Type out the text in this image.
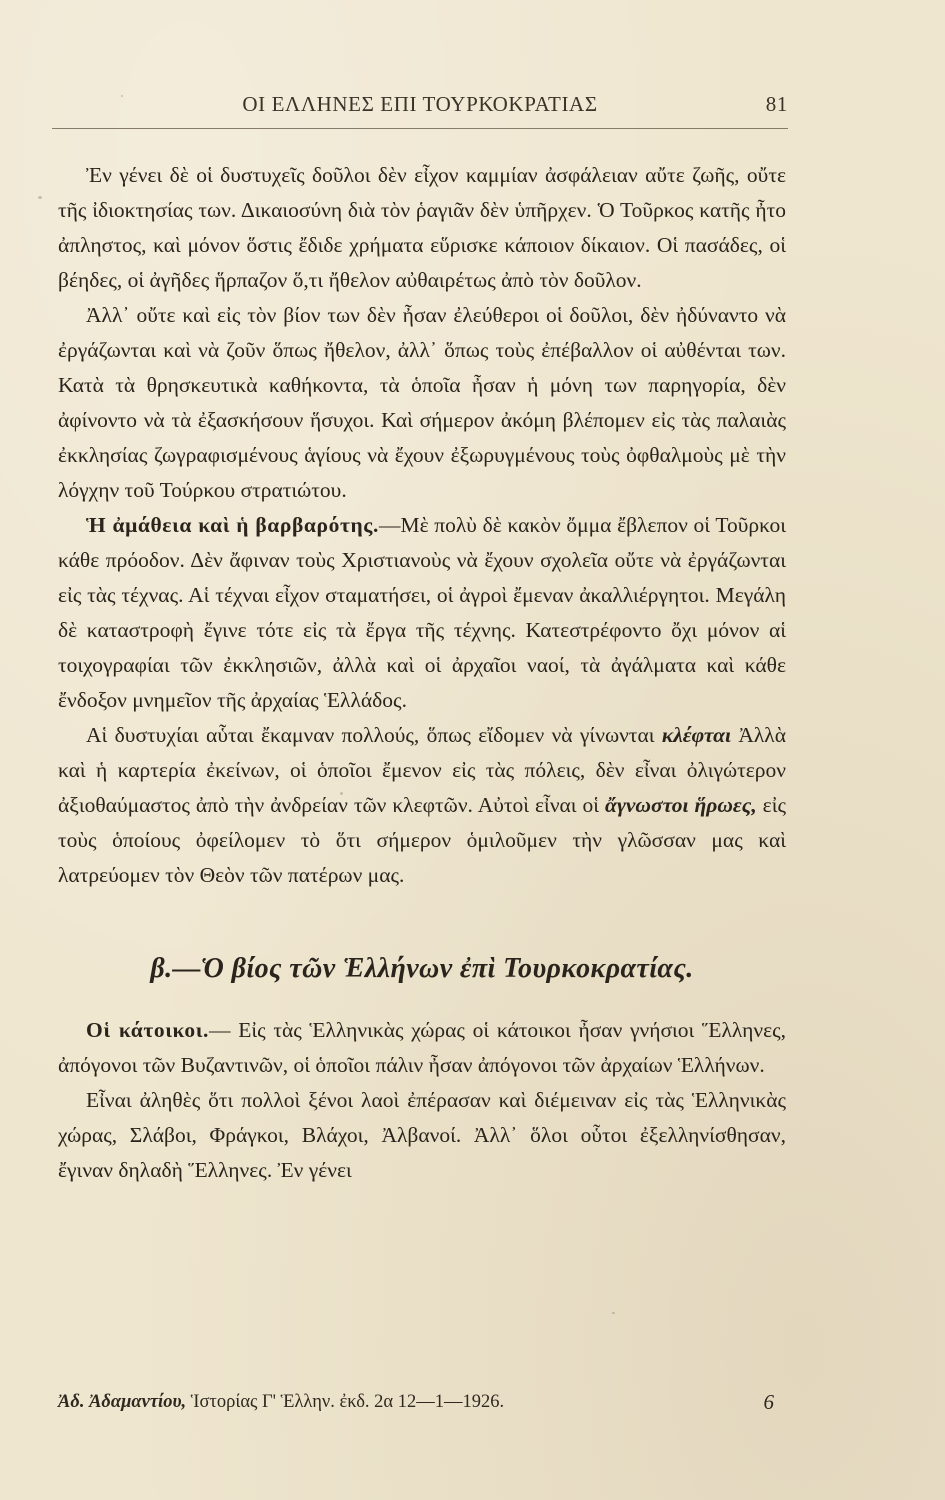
ΟΙ ΕΛΛΗΝΕΣ ΕΠΙ ΤΟΥΡΚΟΚΡΑΤΙΑΣ	81

Ἐν γένει δὲ οἱ δυστυχεῖς δοῦλοι δὲν εἶχον καμμίαν ἀσφάλειαν αὔτε ζωῆς, οὔτε τῆς ἰδιοκτησίας των. Δικαιοσύνη διὰ τὸν ῥαγιᾶν δὲν ὑπῆρχεν. Ὁ Τοῦρκος κατῆς ἦτο ἀπληστος, καὶ μόνον ὅστις ἔδιδε χρήματα εὕρισκε κάποιον δίκαιον. Οἱ πασάδες, οἱ βέηδες, οἱ ἀγῆδες ἥρπαζον ὅ,τι ἤθελον αὐθαιρέτως ἀπὸ τὸν δοῦλον.

Ἀλλ᾿ οὔτε καὶ εἰς τὸν βίον των δὲν ἦσαν ἐλεύθεροι οἱ δοῦλοι, δὲν ἠδύναντο νὰ ἐργάζωνται καὶ νὰ ζοῦν ὅπως ἤθελον, ἀλλ᾿ ὅπως τοὺς ἐπέβαλλον οἱ αὐθένται των. Κατὰ τὰ θρησκευτικὰ καθήκοντα, τὰ ὁποῖα ἦσαν ἡ μόνη των παρηγορία, δὲν ἀφίνοντο νὰ τὰ ἐξασκήσουν ἥσυχοι. Καὶ σήμερον ἀκόμη βλέπομεν εἰς τὰς παλαιὰς ἐκκλησίας ζωγραφισμένους ἁγίους νὰ ἔχουν ἐξωρυγμένους τοὺς ὀφθαλμοὺς μὲ τὴν λόγχην τοῦ Τούρκου στρατιώτου.

Ἡ ἀμάθεια καὶ ἡ βαρβαρότης.—Μὲ πολὺ δὲ κακὸν ὄμμα ἔβλεπον οἱ Τοῦρκοι κάθε πρόοδον. Δὲν ἄφιναν τοὺς Χριστιανοὺς νὰ ἔχουν σχολεῖα οὔτε νὰ ἐργάζωνται εἰς τὰς τέχνας. Αἱ τέχναι εἶχον σταματήσει, οἱ ἀγροὶ ἔμεναν ἀκαλλιέργητοι. Μεγάλη δὲ καταστροφὴ ἔγινε τότε εἰς τὰ ἔργα τῆς τέχνης. Κατεστρέφοντο ὄχι μόνον αἱ τοιχογραφίαι τῶν ἐκκλησιῶν, ἀλλὰ καὶ οἱ ἀρχαῖοι ναοί, τὰ ἀγάλματα καὶ κάθε ἔνδοξον μνημεῖον τῆς ἀρχαίας Ἑλλάδος.

Αἱ δυστυχίαι αὗται ἔκαμναν πολλούς, ὅπως εἴδομεν νὰ γίνωνται κλέφται Ἀλλὰ καὶ ἡ καρτερία ἐκείνων, οἱ ὁποῖοι ἔμενον εἰς τὰς πόλεις, δὲν εἶναι ὀλιγώτερον ἀξιοθαύμαστος ἀπὸ τὴν ἀνδρείαν τῶν κλεφτῶν. Αὐτοὶ εἶναι οἱ ἄγνωστοι ἥρωες, εἰς τοὺς ὁποίους ὀφείλομεν τὸ ὅτι σήμερον ὁμιλοῦμεν τὴν γλῶσσαν μας καὶ λατρεύομεν τὸν Θεὸν τῶν πατέρων μας.

β.—Ὁ βίος τῶν Ἑλλήνων ἐπὶ Τουρκοκρατίας.

Οἱ κάτοικοι.— Εἰς τὰς Ἑλληνικὰς χώρας οἱ κάτοικοι ἦσαν γνήσιοι Ἕλληνες, ἀπόγονοι τῶν Βυζαντινῶν, οἱ ὁποῖοι πάλιν ἦσαν ἀπόγονοι τῶν ἀρχαίων Ἑλλήνων.

Εἶναι ἀληθὲς ὅτι πολλοὶ ξένοι λαοὶ ἐπέρασαν καὶ διέμειναν εἰς τὰς Ἑλληνικὰς χώρας, Σλάβοι, Φράγκοι, Βλάχοι, Ἀλβανοί. Ἀλλ᾿ ὅλοι οὗτοι ἐξελληνίσθησαν, ἔγιναν δηλαδὴ Ἕλληνες. Ἐν γένει

Ἀδ. Ἀδαμαντίου, Ἱστορίας Γ' Ἑλλην. ἐκδ. 2α 12—1—1926.	6
